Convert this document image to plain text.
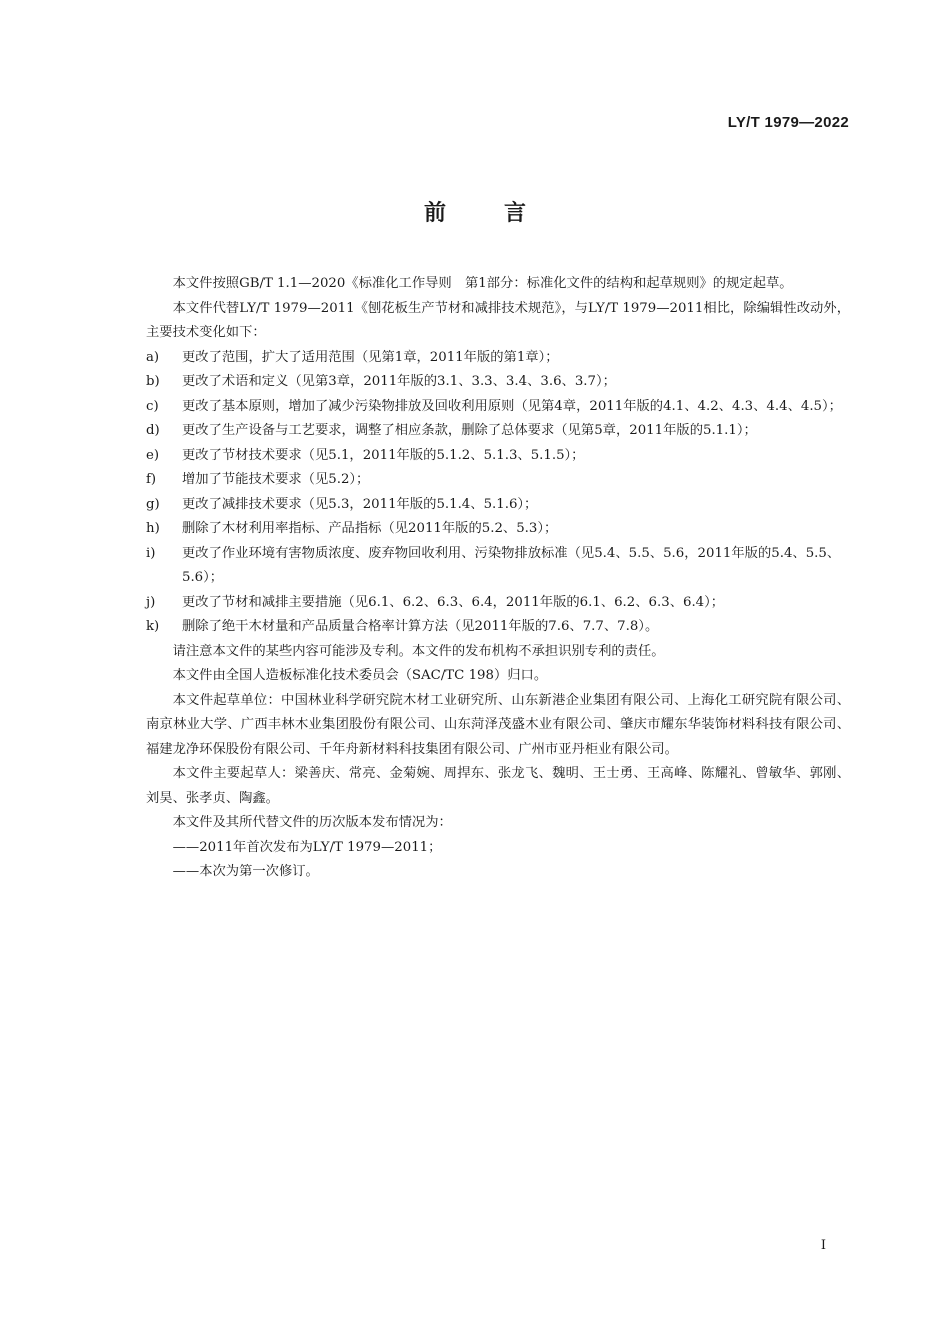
LY/T 1979—2022
前言

本文件按照GB/T 1.1—2020《标准化工作导则　第1部分：标准化文件的结构和起草规则》的规定起草。

本文件代替LY/T 1979—2011《刨花板生产节材和减排技术规范》，与LY/T 1979—2011相比，除编辑性改动外，主要技术变化如下：

a)	更改了范围，扩大了适用范围（见第1章，2011年版的第1章）；
b)	更改了术语和定义（见第3章，2011年版的3.1、3.3、3.4、3.6、3.7）；
c)	更改了基本原则，增加了减少污染物排放及回收利用原则（见第4章，2011年版的4.1、4.2、4.3、4.4、4.5）；
d)	更改了生产设备与工艺要求，调整了相应条款，删除了总体要求（见第5章，2011年版的5.1.1）；
e)	更改了节材技术要求（见5.1，2011年版的5.1.2、5.1.3、5.1.5）；
f)	增加了节能技术要求（见5.2）；
g)	更改了减排技术要求（见5.3，2011年版的5.1.4、5.1.6）；
h)	删除了木材利用率指标、产品指标（见2011年版的5.2、5.3）；
i)	更改了作业环境有害物质浓度、废弃物回收利用、污染物排放标准（见5.4、5.5、5.6，2011年版的5.4、5.5、5.6）；
j)	更改了节材和减排主要措施（见6.1、6.2、6.3、6.4，2011年版的6.1、6.2、6.3、6.4）；
k)	删除了绝干木材量和产品质量合格率计算方法（见2011年版的7.6、7.7、7.8）。

请注意本文件的某些内容可能涉及专利。本文件的发布机构不承担识别专利的责任。

本文件由全国人造板标准化技术委员会（SAC/TC 198）归口。

本文件起草单位：中国林业科学研究院木材工业研究所、山东新港企业集团有限公司、上海化工研究院有限公司、南京林业大学、广西丰林木业集团股份有限公司、山东菏泽茂盛木业有限公司、肇庆市耀东华装饰材料科技有限公司、福建龙净环保股份有限公司、千年舟新材料科技集团有限公司、广州市亚丹柜业有限公司。

本文件主要起草人：梁善庆、常亮、金菊婉、周捍东、张龙飞、魏明、王士勇、王高峰、陈耀礼、曾敏华、郭刚、刘昊、张孝贞、陶鑫。

本文件及其所代替文件的历次版本发布情况为：

——2011年首次发布为LY/T 1979—2011；

——本次为第一次修订。

I
